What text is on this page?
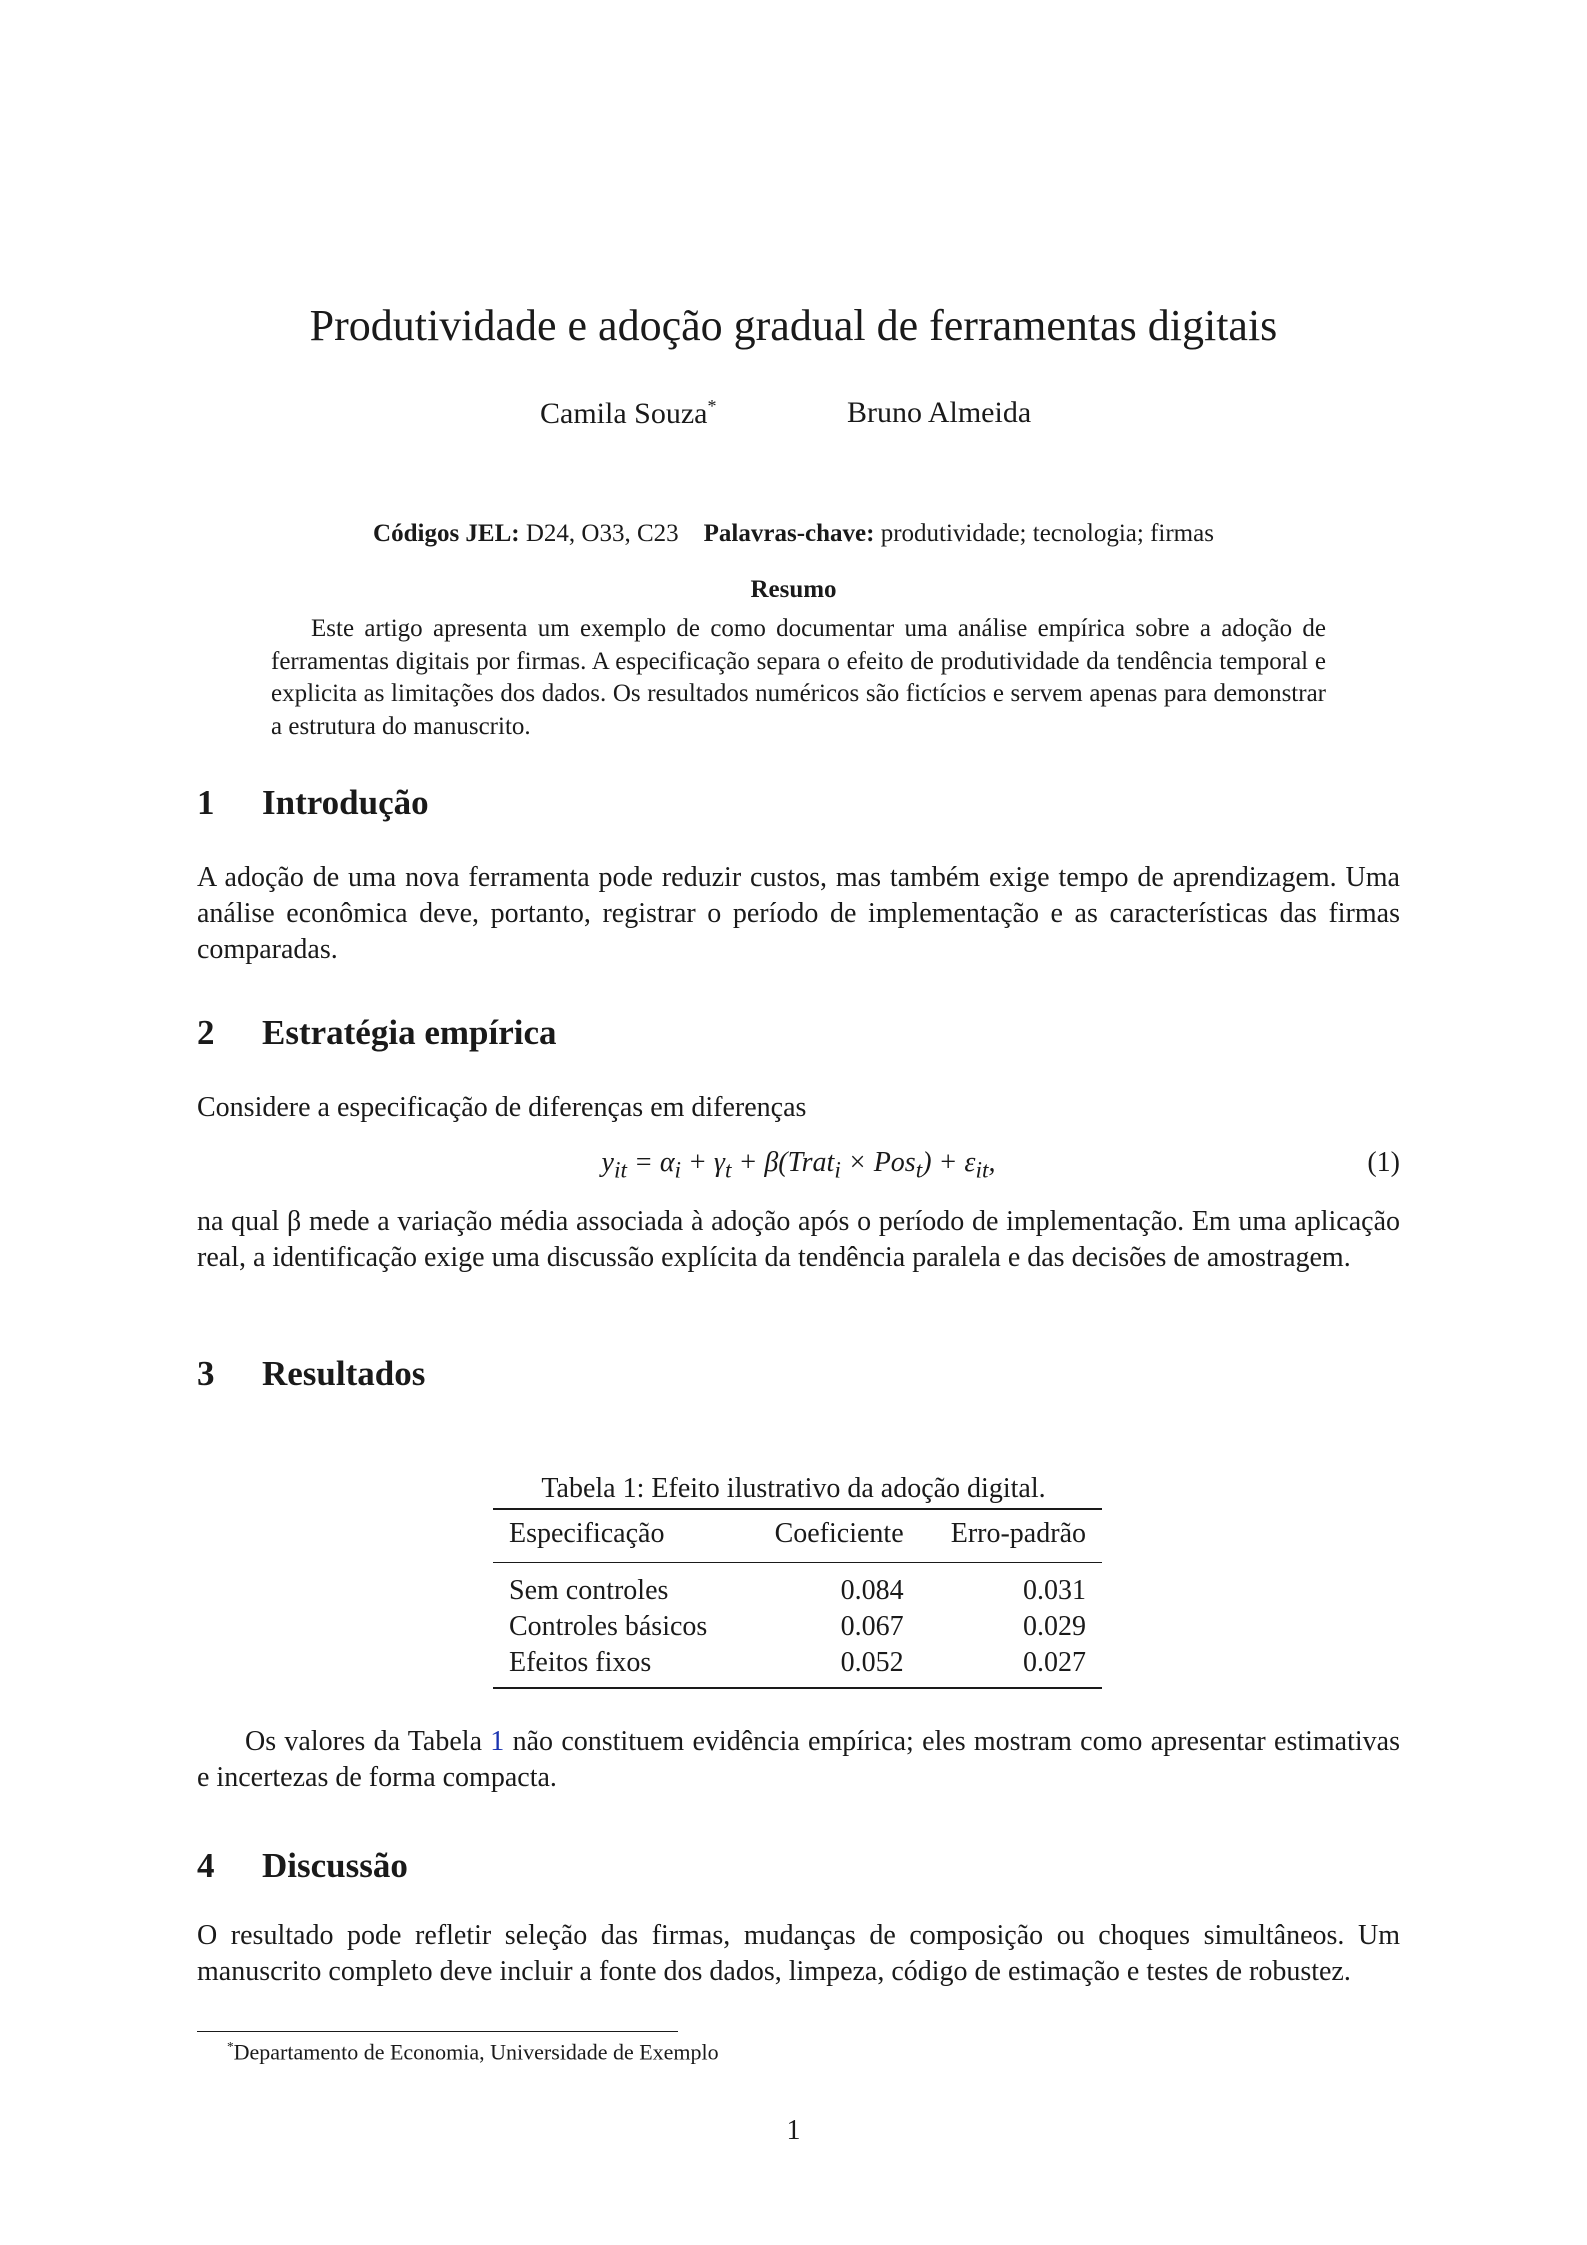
Produtividade e adoção gradual de ferramentas digitais
Camila Souza*	Bruno Almeida
Códigos JEL: D24, O33, C23 Palavras-chave: produtividade; tecnologia; firmas
Resumo
Este artigo apresenta um exemplo de como documentar uma análise empírica sobre a adoção de ferramentas digitais por firmas. A especificação separa o efeito de produtividade da tendência temporal e explicita as limitações dos dados. Os resultados numéricos são fictícios e servem apenas para demonstrar a estrutura do manuscrito.
1 Introdução
A adoção de uma nova ferramenta pode reduzir custos, mas também exige tempo de aprendizagem. Uma análise econômica deve, portanto, registrar o período de implementação e as características das firmas comparadas.
2 Estratégia empírica
Considere a especificação de diferenças em diferenças
$y_{it} = \alpha_i + \gamma_t$ + β(Trat$_i$ × $Pos_t) + \varepsilon_{it}$,	(1)
na qual β mede a variação média associada à adoção após o período de implementação. Em uma aplicação real, a identificação exige uma discussão explícita da tendência paralela e das decisões de amostragem.
3 Resultados
Tabela 1: Efeito ilustrativo da adoção digital.
Especificação	Coeficiente	Erro-padrão
Sem controles	0.084	0.031
Controles básicos	0.067	0.029
Efeitos fixos	0.052	0.027
Os valores da Tabela 1 não constituem evidência empírica; eles mostram como apresentar estimativas e incertezas de forma compacta.
4 Discussão
O resultado pode refletir seleção das firmas, mudanças de composição ou choques simultâneos. Um manuscrito completo deve incluir a fonte dos dados, limpeza, código de estimação e testes de robustez.
*Departamento de Economia, Universidade de Exemplo
1
